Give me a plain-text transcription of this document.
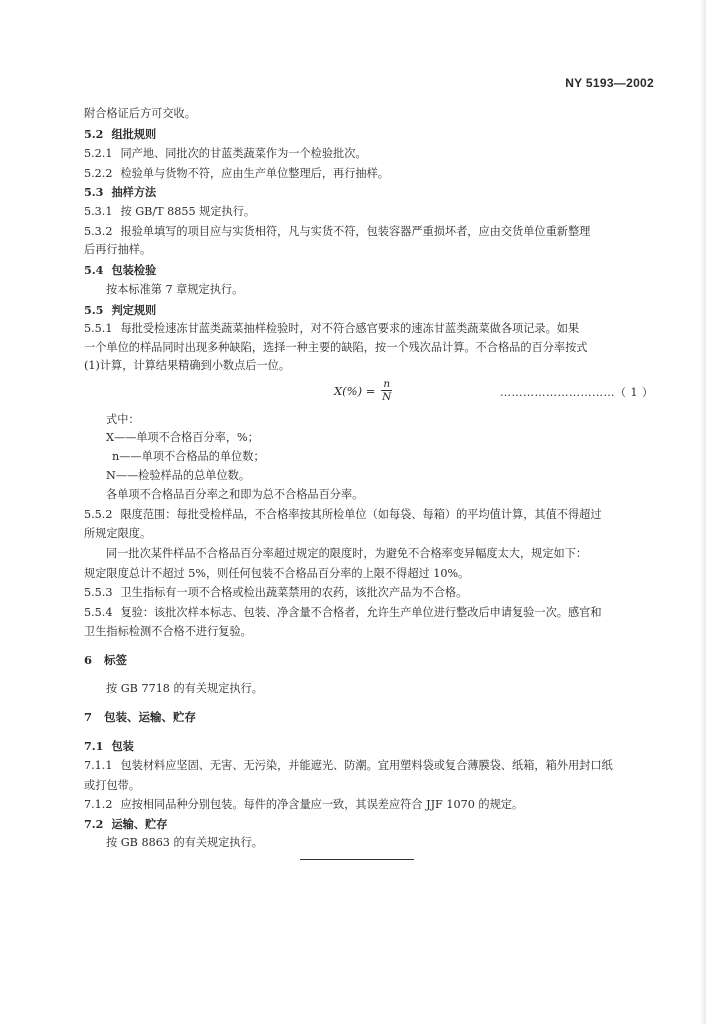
NY 5193—2002
附合格证后方可交收。
5.2 组批规则
5.2.1 同产地、同批次的甘蓝类蔬菜作为一个检验批次。
5.2.2 检验单与货物不符，应由生产单位整理后，再行抽样。
5.3 抽样方法
5.3.1 按 GB/T 8855 规定执行。
5.3.2 报验单填写的项目应与实货相符，凡与实货不符，包装容器严重损坏者，应由交货单位重新整理
后再行抽样。
5.4 包装检验
按本标准第 7 章规定执行。
5.5 判定规则
5.5.1 每批受检速冻甘蓝类蔬菜抽样检验时，对不符合感官要求的速冻甘蓝类蔬菜做各项记录。如果
一个单位的样品同时出现多种缺陷，选择一种主要的缺陷，按一个残次品计算。不合格品的百分率按式
(1)计算，计算结果精确到小数点后一位。
$X(\%) = \frac{n}{N}$	…………………………（ 1 ）
式中：
X——单项不合格百分率，%；
n——单项不合格品的单位数；
N——检验样品的总单位数。
各单项不合格品百分率之和即为总不合格品百分率。
5.5.2 限度范围：每批受检样品，不合格率按其所检单位（如每袋、每箱）的平均值计算，其值不得超过
所规定限度。
同一批次某件样品不合格品百分率超过规定的限度时，为避免不合格率变异幅度太大，规定如下：
规定限度总计不超过 5%，则任何包装不合格品百分率的上限不得超过 10%。
5.5.3 卫生指标有一项不合格或检出蔬菜禁用的农药，该批次产品为不合格。
5.5.4 复验：该批次样本标志、包装、净含量不合格者，允许生产单位进行整改后申请复验一次。感官和
卫生指标检测不合格不进行复验。
6 标签
按 GB 7718 的有关规定执行。
7 包装、运输、贮存
7.1 包装
7.1.1 包装材料应坚固、无害、无污染，并能遮光、防潮。宜用塑料袋或复合薄膜袋、纸箱，箱外用封口纸
或打包带。
7.1.2 应按相同品种分别包装。每件的净含量应一致，其误差应符合 JJF 1070 的规定。
7.2 运输、贮存
按 GB 8863 的有关规定执行。
